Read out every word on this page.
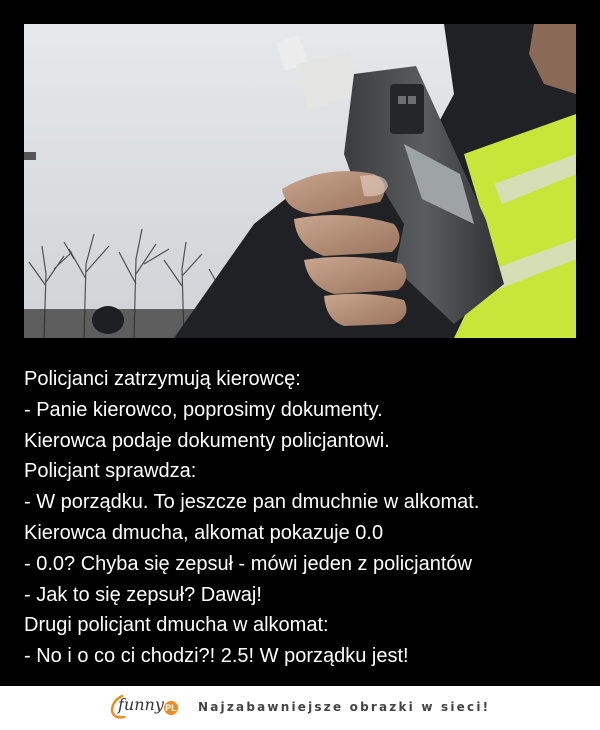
Policjanci zatrzymują kierowcę:
- Panie kierowco, poprosimy dokumenty.
Kierowca podaje dokumenty policjantowi.
Policjant sprawdza:
- W porządku. To jeszcze pan dmuchnie w alkomat.
Kierowca dmucha, alkomat pokazuje 0.0
- 0.0? Chyba się zepsuł - mówi jeden z policjantów
- Jak to się zepsuł? Dawaj!
Drugi policjant dmucha w alkomat:
- No i o co ci chodzi?! 2.5! W porządku jest!
funny PL Najzabawniejsze obrazki w sieci!
